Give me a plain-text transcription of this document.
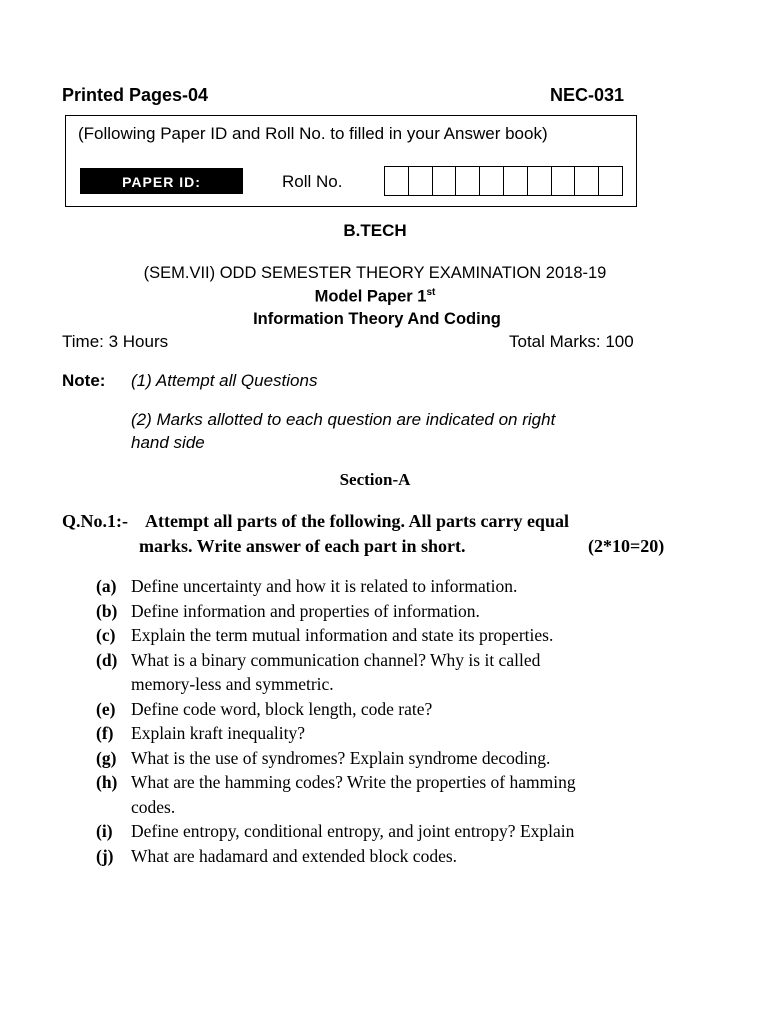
Printed Pages-04	NEC-031
(Following Paper ID and Roll No. to filled in your Answer book)
PAPER ID:	Roll No.
B.TECH
(SEM.VII) ODD SEMESTER THEORY EXAMINATION 2018-19
Model Paper 1st
Information Theory And Coding
Time: 3 Hours	Total Marks: 100
Note: (1) Attempt all Questions
(2) Marks allotted to each question are indicated on right
hand side
Section-A
Q.No.1:- Attempt all parts of the following. All parts carry equal
marks. Write answer of each part in short.	(2*10=20)
(a) Define uncertainty and how it is related to information.
(b) Define information and properties of information.
(c) Explain the term mutual information and state its properties.
(d) What is a binary communication channel? Why is it called
memory-less and symmetric.
(e) Define code word, block length, code rate?
(f) Explain kraft inequality?
(g) What is the use of syndromes? Explain syndrome decoding.
(h) What are the hamming codes? Write the properties of hamming
codes.
(i) Define entropy, conditional entropy, and joint entropy? Explain
(j) What are hadamard and extended block codes.
